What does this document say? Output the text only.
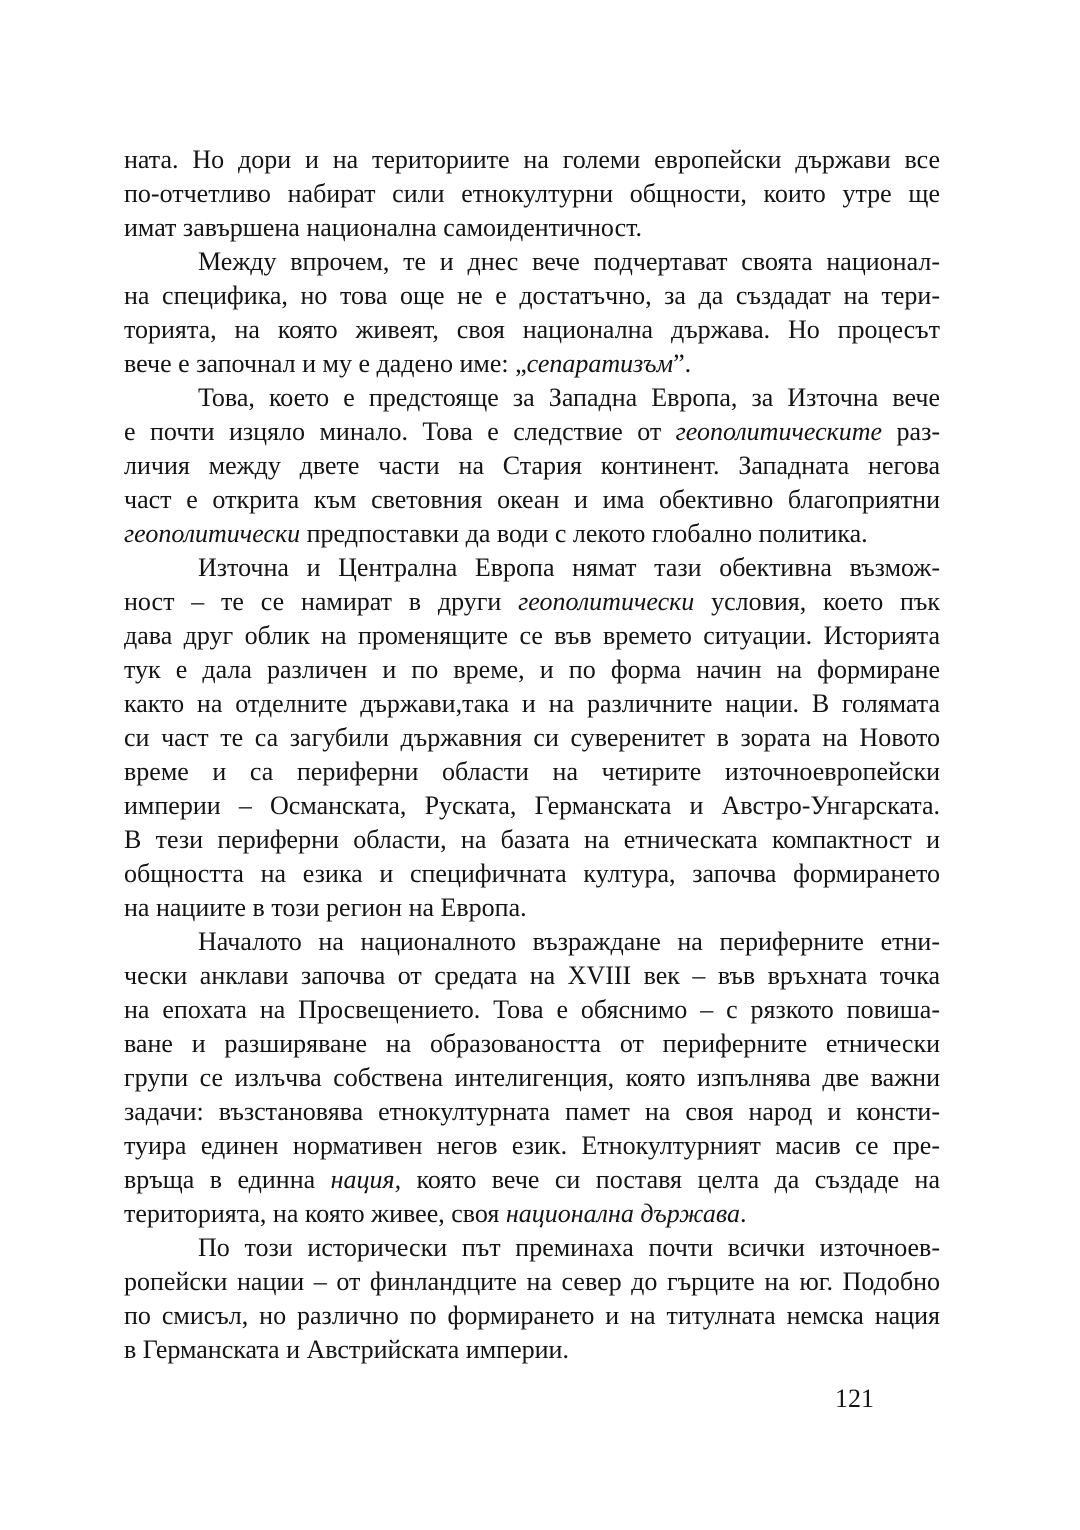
ната. Но дори и на териториите на големи европейски държави все
по-отчетливо набират сили етнокултурни общности, които утре ще
имат завършена национална самоидентичност.

Между впрочем, те и днес вече подчертават своята национал-
на специфика, но това още не е достатъчно, за да създадат на тери-
торията, на която живеят, своя национална държава. Но процесът
вече е започнал и му е дадено име: „сепаратизъм”.

Това, което е предстояще за Западна Европа, за Източна вече
е почти изцяло минало. Това е следствие от геополитическите раз-
личия между двете части на Стария континент. Западната негова
част е открита към световния океан и има обективно благоприятни
геополитически предпоставки да води с лекото глобално политика.

Източна и Централна Европа нямат тази обективна възмож-
ност – те се намират в други геополитически условия, което пък
дава друг облик на променящите се във времето ситуации. Историята
тук е дала различен и по време, и по форма начин на формиране
както на отделните държави,така и на различните нации. В голямата
си част те са загубили държавния си суверенитет в зората на Новото
време и са периферни области на четирите източноевропейски
империи – Османската, Руската, Германската и Австро-Унгарската.
В тези периферни области, на базата на етническата компактност и
общността на езика и специфичната култура, започва формирането
на нациите в този регион на Европа.

Началото на националното възраждане на периферните етни-
чески анклави започва от средата на XVIII век – във връхната точка
на епохата на Просвещението. Това е обяснимо – с рязкото повиша-
ване и разширяване на образоваността от периферните етнически
групи се излъчва собствена интелигенция, която изпълнява две важни
задачи: възстановява етнокултурната памет на своя народ и консти-
туира единен нормативен негов език. Етнокултурният масив се пре-
връща в единна нация, която вече си поставя целта да създаде на
територията, на която живее, своя национална държава.

По този исторически път преминаха почти всички източноев-
ропейски нации – от финландците на север до гърците на юг. Подобно
по смисъл, но различно по формирането и на титулната немска нация
в Германската и Австрийската империи.

121
